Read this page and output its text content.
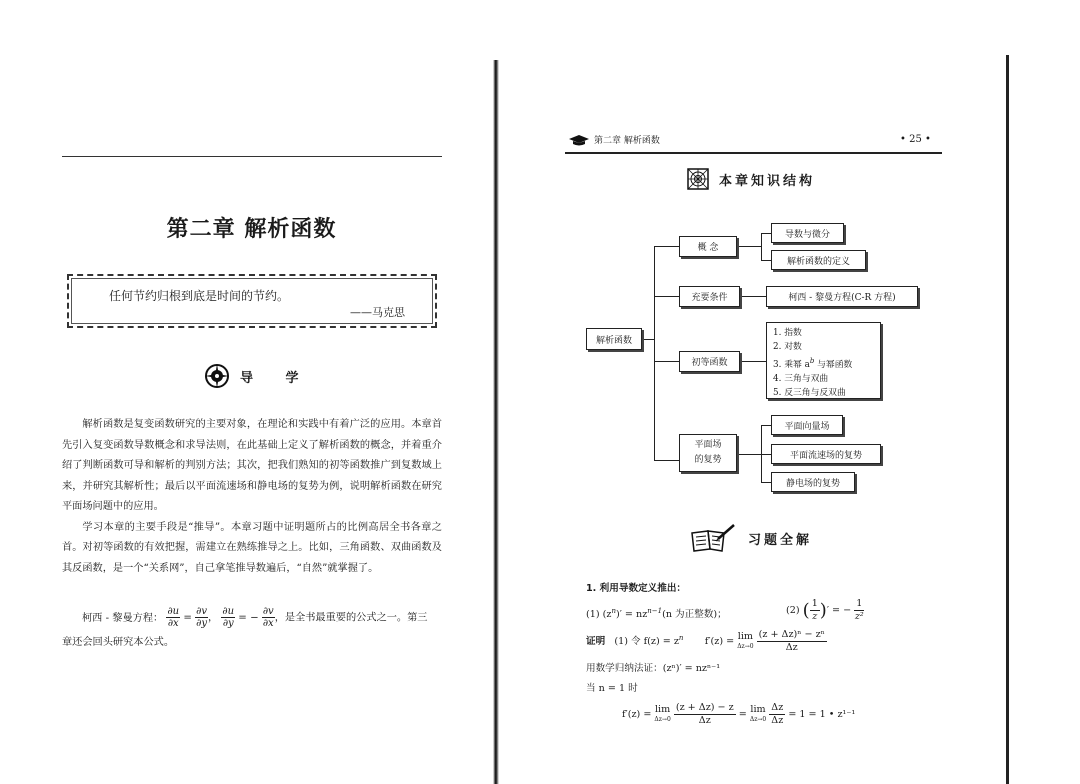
第二章 解析函数
任何节约归根到底是时间的节约。
——马克思
导 学

解析函数是复变函数研究的主要对象，在理论和实践中有着广泛的应用。本章首先引入复变函数导数概念和求导法则，在此基础上定义了解析函数的概念，并着重介绍了判断函数可导和解析的判别方法；其次，把我们熟知的初等函数推广到复数域上来，并研究其解析性；最后以平面流速场和静电场的复势为例，说明解析函数在研究平面场问题中的应用。

学习本章的主要手段是“推导”。本章习题中证明题所占的比例高居全书各章之首。对初等函数的有效把握，需建立在熟练推导之上。比如，三角函数、双曲函数及其反函数，是一个“关系网”，自己拿笔推导数遍后，“自然”就掌握了。

柯西 - 黎曼方程： $\frac{\partial u}{\partial x} = \frac{\partial v}{\partial y}$ ， $\frac{\partial u}{\partial y}$ = − $\frac{\partial v}{\partial x}$ ，是全书最重要的公式之一。第三
章还会回头研究本公式。
第二章 解析函数	• 25 •
本章知识结构
解析函数
概 念
导数与微分
解析函数的定义
充要条件	柯西 - 黎曼方程(C-R 方程)
初等函数
1. 指数
2. 对数
3. 乘幂 $a^b$ 与幂函数
4. 三角与双曲
5. 反三角与反双曲
平面场
的复势
平面向量场
平面流速场的复势
静电场的复势
习题全解
1. 利用导数定义推出：
(1) $(z^n)' = nz^{n-1}(n$ 为正整数)；	(2) ( $\frac{1}{z}$ )′ = − $\frac{1}{\text{z²}}$
证明 (1) 令 $f(z) = z^n$ f′(z) = lim
Δz→0
$\frac{\text{(z + Δz)ⁿ − zⁿ}}{\Delta z}$
用数学归纳法证：(zⁿ)′ = nzⁿ⁻¹
当 n = 1 时
f′(z) = lim
Δz→0
$\frac{(z + \Delta z) - z}{\Delta z} = \lim$
Δz→0
$\frac{\Delta z}{\Delta z} = 1 = 1$ • z¹⁻¹
